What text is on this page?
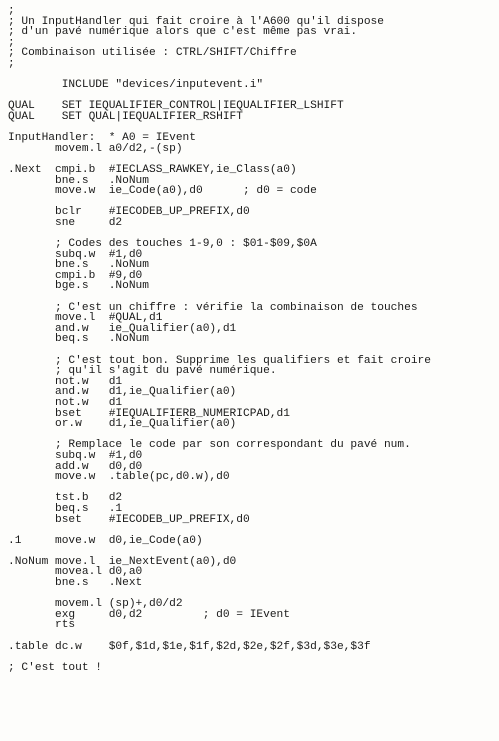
;
; Un InputHandler qui fait croire à l'A600 qu'il dispose
; d'un pavé numérique alors que c'est même pas vrai.
;
; Combinaison utilisée : CTRL/SHIFT/Chiffre
;
INCLUDE "devices/inputevent.i"
QUAL    SET IEQUALIFIER_CONTROL|IEQUALIFIER_LSHIFT
QUAL    SET QUAL|IEQUALIFIER_RSHIFT
InputHandler:  * A0 = IEvent
movem.l a0/d2,-(sp)
.Next  cmpi.b  #IECLASS_RAWKEY,ie_Class(a0)
bne.s   .NoNum
move.w  ie_Code(a0),d0      ; d0 = code
bclr    #IECODEB_UP_PREFIX,d0
sne     d2
; Codes des touches 1-9,0 : $01-$09,$0A
subq.w  #1,d0
bne.s   .NoNum
cmpi.b  #9,d0
bge.s   .NoNum
; C'est un chiffre : vérifie la combinaison de touches
move.l  #QUAL,d1
and.w   ie_Qualifier(a0),d1
beq.s   .NoNum
; C'est tout bon. Supprime les qualifiers et fait croire
; qu'il s'agit du pavé numérique.
not.w   d1
and.w   d1,ie_Qualifier(a0)
not.w   d1
bset    #IEQUALIFIERB_NUMERICPAD,d1
or.w    d1,ie_Qualifier(a0)
; Remplace le code par son correspondant du pavé num.
subq.w  #1,d0
add.w   d0,d0
move.w  .table(pc,d0.w),d0
tst.b   d2
beq.s   .1
bset    #IECODEB_UP_PREFIX,d0
.1     move.w  d0,ie_Code(a0)
.NoNum move.l  ie_NextEvent(a0),d0
movea.l d0,a0
bne.s   .Next
movem.l (sp)+,d0/d2
exg     d0,d2         ; d0 = IEvent
rts
.table dc.w    $0f,$1d,$1e,$1f,$2d,$2e,$2f,$3d,$3e,$3f
; C'est tout !
